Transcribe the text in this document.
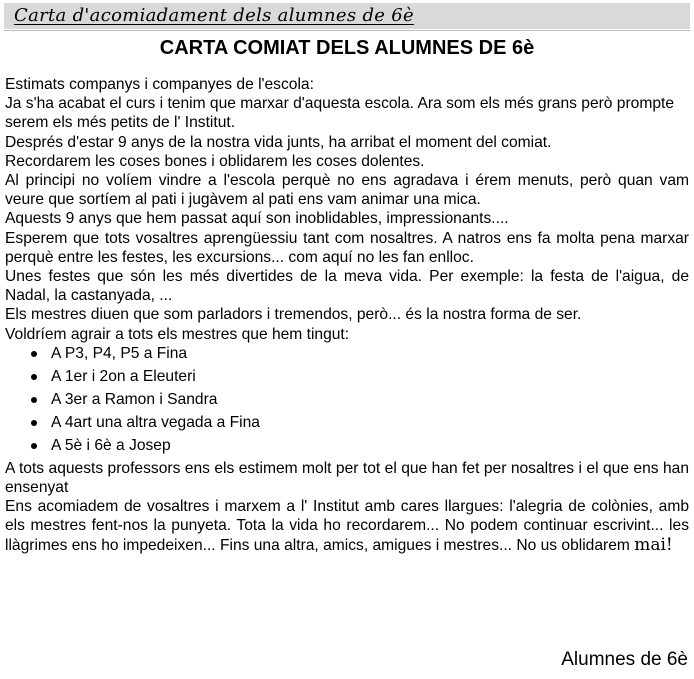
Carta d'acomiadament dels alumnes de 6è
CARTA COMIAT DELS ALUMNES DE 6è

Estimats companys i companyes de l'escola:

Ja s'ha acabat el curs i tenim que marxar d'aquesta escola. Ara som els més grans però prompte serem els més petits de l' Institut.

Després d'estar 9 anys de la nostra vida junts, ha arribat el moment del comiat.

Recordarem les coses bones i oblidarem les coses dolentes.

Al principi no volíem vindre a l'escola perquè no ens agradava i érem menuts, però quan vam veure que sortíem al pati i jugàvem al pati ens vam animar una mica.

Aquests 9 anys que hem passat aquí son inoblidables, impressionants....

Esperem que tots vosaltres aprengüessiu tant com nosaltres. A natros ens fa molta pena marxar perquè entre les festes, les excursions... com aquí no les fan enlloc.

Unes festes que són les més divertides de la meva vida. Per exemple: la festa de l'aigua, de Nadal, la castanyada, ...

Els mestres diuen que som parladors i tremendos, però... és la nostra forma de ser.

Voldríem agrair a tots els mestres que hem tingut:

A P3, P4, P5 a Fina
A 1er i 2on a Eleuteri
A 3er a Ramon i Sandra
A 4art una altra vegada a Fina
A 5è i 6è a Josep

A tots aquests professors ens els estimem molt per tot el que han fet per nosaltres i el que ens han ensenyat

Ens acomiadem de vosaltres i marxem a l' Institut amb cares llargues: l'alegria de colònies, amb els mestres fent-nos la punyeta. Tota la vida ho recordarem... No podem continuar escrivint... les llàgrimes ens ho impedeixen... Fins una altra, amics, amigues i mestres... No us oblidarem mai!

Alumnes de 6è
